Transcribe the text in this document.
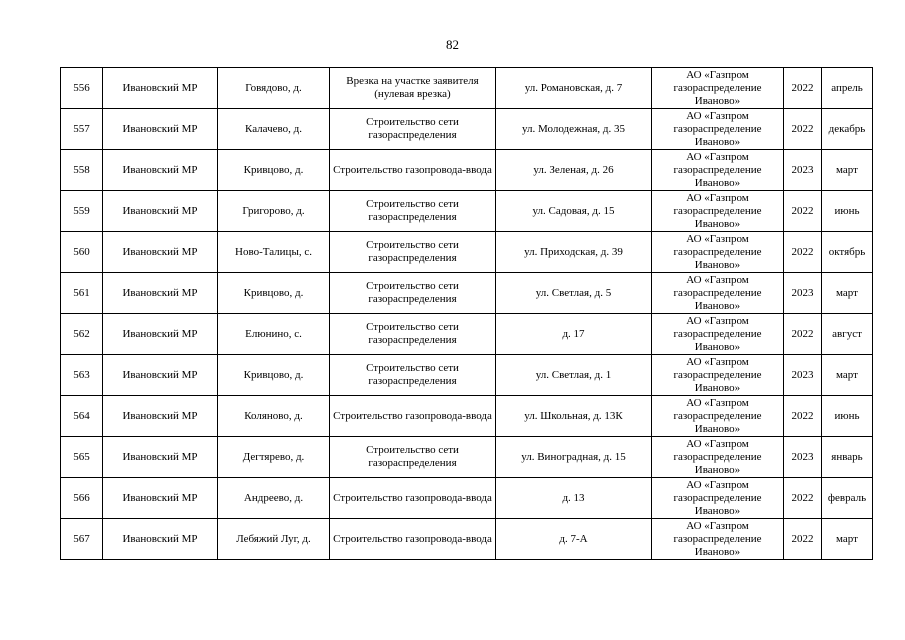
82
556	Ивановский МР	Говядово, д.	Врезка на участке заявителя (нулевая врезка)	ул. Романовская, д. 7	АО «Газпром газораспределение Иваново»	2022	апрель
557	Ивановский МР	Калачево, д.	Строительство сети газораспределения	ул. Молодежная, д. 35	АО «Газпром газораспределение Иваново»	2022	декабрь
558	Ивановский МР	Кривцово, д.	Строительство газопровода-ввода	ул. Зеленая, д. 26	АО «Газпром газораспределение Иваново»	2023	март
559	Ивановский МР	Григорово, д.	Строительство сети газораспределения	ул. Садовая, д. 15	АО «Газпром газораспределение Иваново»	2022	июнь
560	Ивановский МР	Ново-Талицы, с.	Строительство сети газораспределения	ул. Приходская, д. 39	АО «Газпром газораспределение Иваново»	2022	октябрь
561	Ивановский МР	Кривцово, д.	Строительство сети газораспределения	ул. Светлая, д. 5	АО «Газпром газораспределение Иваново»	2023	март
562	Ивановский МР	Елюнино, с.	Строительство сети газораспределения	д. 17	АО «Газпром газораспределение Иваново»	2022	август
563	Ивановский МР	Кривцово, д.	Строительство сети газораспределения	ул. Светлая, д. 1	АО «Газпром газораспределение Иваново»	2023	март
564	Ивановский МР	Коляново, д.	Строительство газопровода-ввода	ул. Школьная, д. 13К	АО «Газпром газораспределение Иваново»	2022	июнь
565	Ивановский МР	Дегтярево, д.	Строительство сети газораспределения	ул. Виноградная, д. 15	АО «Газпром газораспределение Иваново»	2023	январь
566	Ивановский МР	Андреево, д.	Строительство газопровода-ввода	д. 13	АО «Газпром газораспределение Иваново»	2022	февраль
567	Ивановский МР	Лебяжий Луг, д.	Строительство газопровода-ввода	д. 7-А	АО «Газпром газораспределение Иваново»	2022	март
